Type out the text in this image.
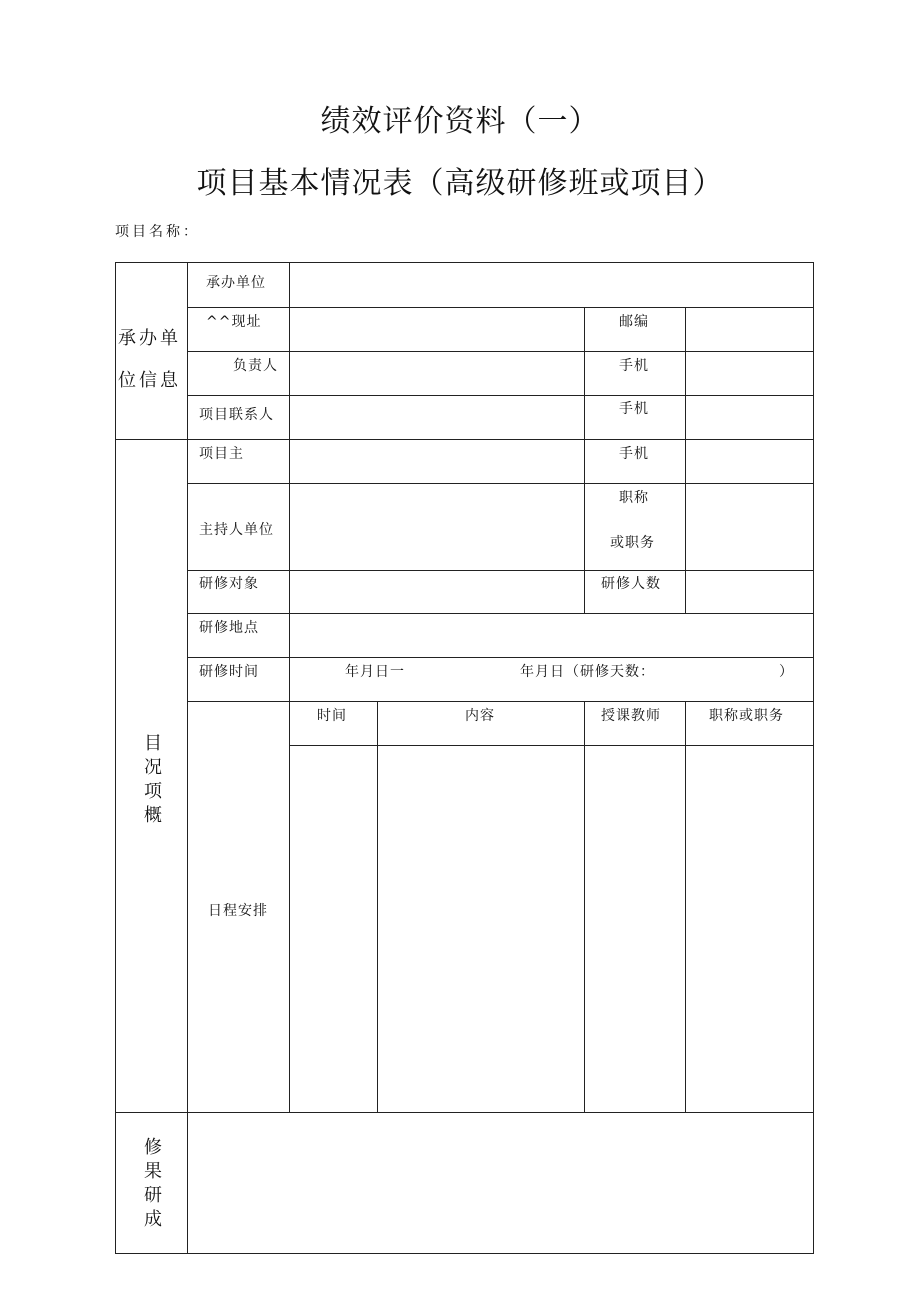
绩效评价资料（一）
项目基本情况表（高级研修班或项目）
项目名称：
承办单
位信息
承办单位
^^现址	邮编
负责人	手机
项目联系人	手机
目况项概
项目主	手机
主持人单位
职称
或职务
研修对象	研修人数
研修地点
研修时间	年月日一	年月日（研修天数：	）
日程安排
时间	内容	授课教师	职称或职务
修果研成
